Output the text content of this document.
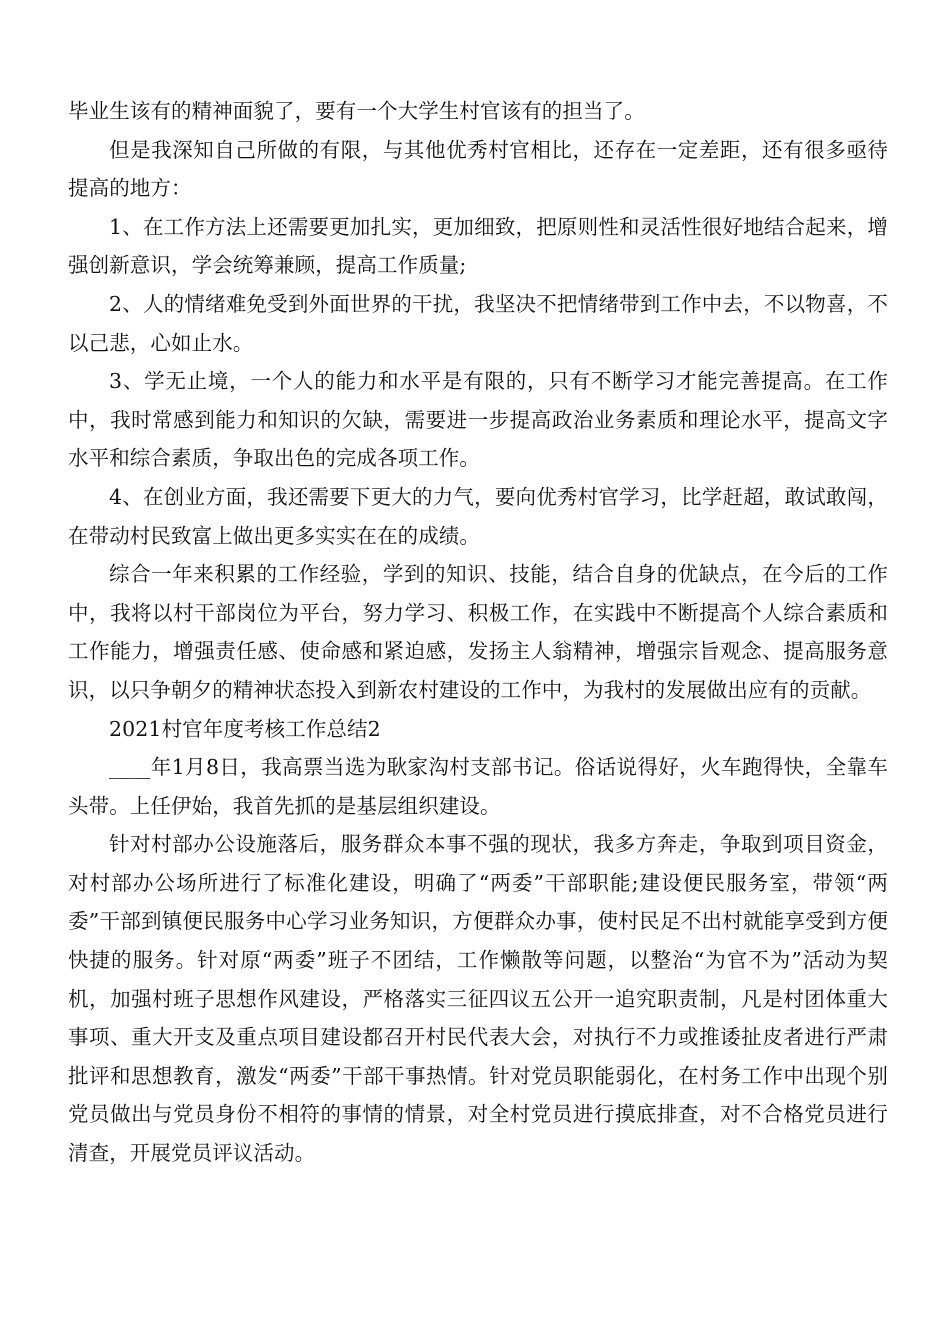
毕业生该有的精神面貌了，要有一个大学生村官该有的担当了。

但是我深知自己所做的有限，与其他优秀村官相比，还存在一定差距，还有很多亟待提高的地方：

1、在工作方法上还需要更加扎实，更加细致，把原则性和灵活性很好地结合起来，增强创新意识，学会统筹兼顾，提高工作质量;

2、人的情绪难免受到外面世界的干扰，我坚决不把情绪带到工作中去，不以物喜，不以己悲，心如止水。

3、学无止境，一个人的能力和水平是有限的，只有不断学习才能完善提高。在工作中，我时常感到能力和知识的欠缺，需要进一步提高政治业务素质和理论水平，提高文字水平和综合素质，争取出色的完成各项工作。

4、在创业方面，我还需要下更大的力气，要向优秀村官学习，比学赶超，敢试敢闯，在带动村民致富上做出更多实实在在的成绩。

综合一年来积累的工作经验，学到的知识、技能，结合自身的优缺点，在今后的工作中，我将以村干部岗位为平台，努力学习、积极工作，在实践中不断提高个人综合素质和工作能力，增强责任感、使命感和紧迫感，发扬主人翁精神，增强宗旨观念、提高服务意识，以只争朝夕的精神状态投入到新农村建设的工作中，为我村的发展做出应有的贡献。

2021村官年度考核工作总结2

____年1月8日，我高票当选为耿家沟村支部书记。俗话说得好，火车跑得快，全靠车头带。上任伊始，我首先抓的是基层组织建设。

针对村部办公设施落后，服务群众本事不强的现状，我多方奔走，争取到项目资金，对村部办公场所进行了标准化建设，明确了“两委”干部职能;建设便民服务室，带领“两委”干部到镇便民服务中心学习业务知识，方便群众办事，使村民足不出村就能享受到方便快捷的服务。针对原“两委”班子不团结，工作懒散等问题，以整治“为官不为”活动为契机，加强村班子思想作风建设，严格落实三征四议五公开一追究职责制，凡是村团体重大事项、重大开支及重点项目建设都召开村民代表大会，对执行不力或推诿扯皮者进行严肃批评和思想教育，激发“两委”干部干事热情。针对党员职能弱化，在村务工作中出现个别党员做出与党员身份不相符的事情的情景，对全村党员进行摸底排查，对不合格党员进行清查，开展党员评议活动。
